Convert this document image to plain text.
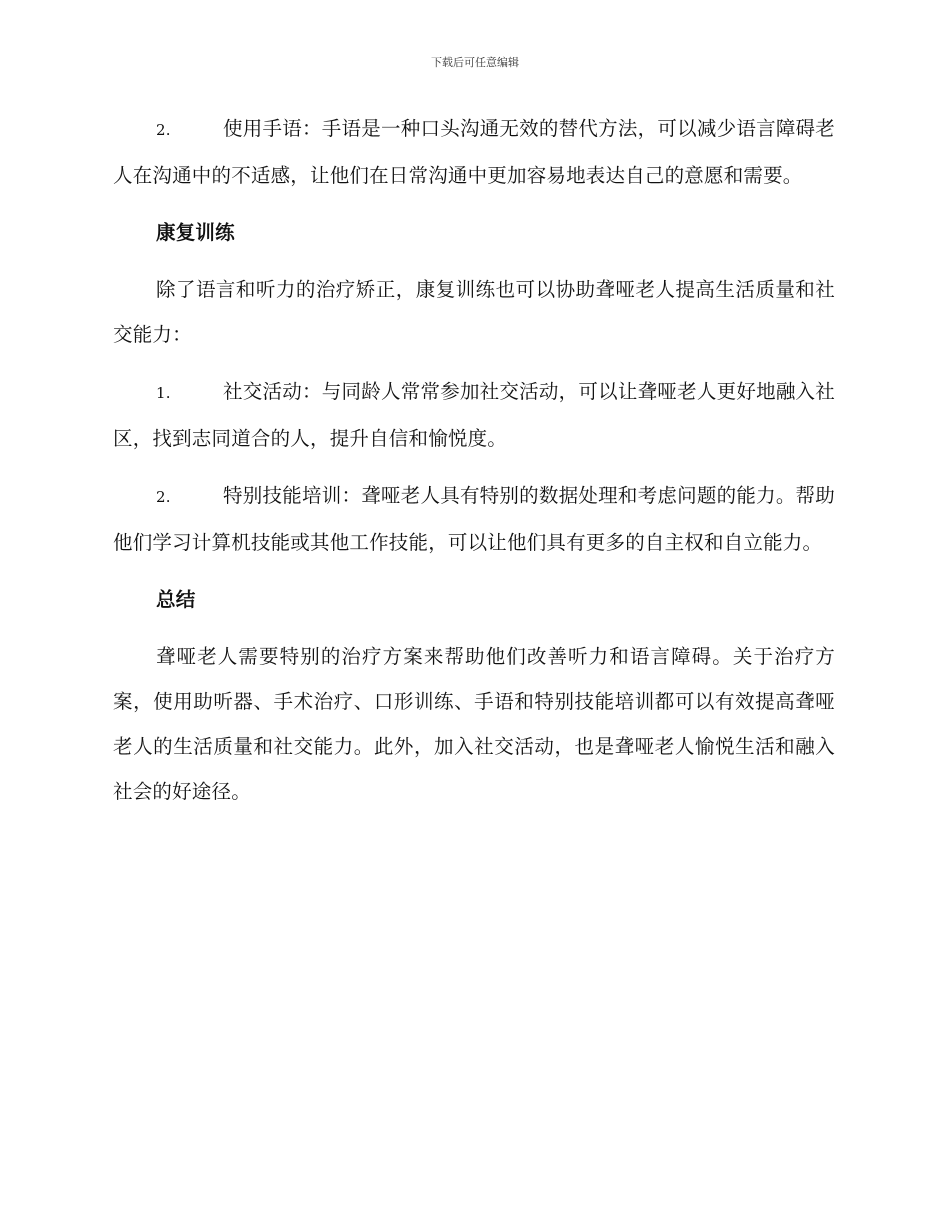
下载后可任意编辑

2.	使用手语：手语是一种口头沟通无效的替代方法，可以减少语言障碍老人在沟通中的不适感，让他们在日常沟通中更加容易地表达自己的意愿和需要。

康复训练

除了语言和听力的治疗矫正，康复训练也可以协助聋哑老人提高生活质量和社交能力：

1.	社交活动：与同龄人常常参加社交活动，可以让聋哑老人更好地融入社区，找到志同道合的人，提升自信和愉悦度。

2.	特别技能培训：聋哑老人具有特别的数据处理和考虑问题的能力。帮助他们学习计算机技能或其他工作技能，可以让他们具有更多的自主权和自立能力。

总结

聋哑老人需要特别的治疗方案来帮助他们改善听力和语言障碍。关于治疗方案，使用助听器、手术治疗、口形训练、手语和特别技能培训都可以有效提高聋哑老人的生活质量和社交能力。此外，加入社交活动，也是聋哑老人愉悦生活和融入社会的好途径。
